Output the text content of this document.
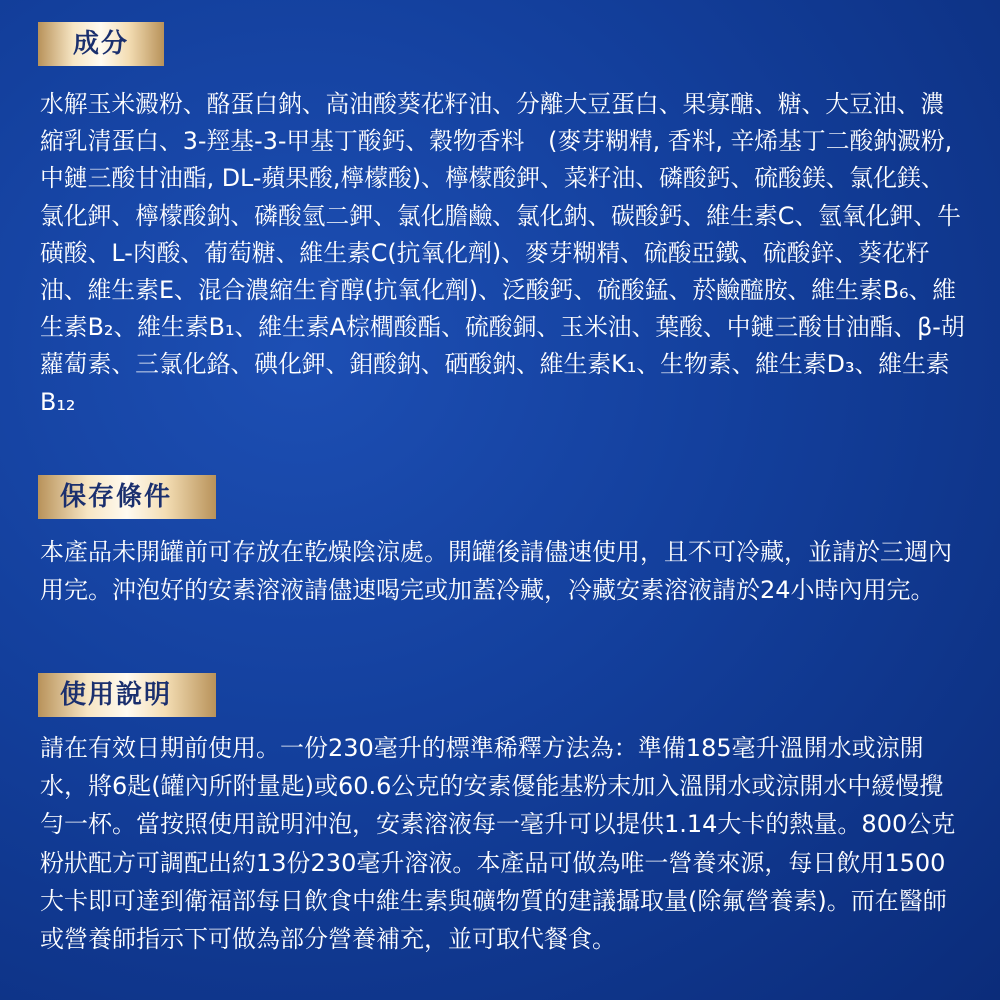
成分
水解玉米澱粉、酪蛋白鈉、高油酸葵花籽油、分離大豆蛋白、果寡醣、糖、大豆油、濃縮乳清蛋白、3-羥基-3-甲基丁酸鈣、穀物香料　(麥芽糊精, 香料, 辛烯基丁二酸鈉澱粉,中鏈三酸甘油酯, DL-蘋果酸,檸檬酸)、檸檬酸鉀、菜籽油、磷酸鈣、硫酸鎂、氯化鎂、氯化鉀、檸檬酸鈉、磷酸氫二鉀、氯化膽鹼、氯化鈉、碳酸鈣、維生素C、氫氧化鉀、牛磺酸、L-肉酸、葡萄糖、維生素C(抗氧化劑)、麥芽糊精、硫酸亞鐵、硫酸鋅、葵花籽油、維生素E、混合濃縮生育醇(抗氧化劑)、泛酸鈣、硫酸錳、菸鹼醯胺、維生素B₆、維生素B₂、維生素B₁、維生素A棕櫚酸酯、硫酸銅、玉米油、葉酸、中鏈三酸甘油酯、β-胡蘿蔔素、三氯化鉻、碘化鉀、鉬酸鈉、硒酸鈉、維生素K₁、生物素、維生素D₃、維生素B₁₂
保存條件
本產品未開罐前可存放在乾燥陰涼處。開罐後請儘速使用，且不可冷藏，並請於三週內用完。沖泡好的安素溶液請儘速喝完或加蓋冷藏，冷藏安素溶液請於24小時內用完。
使用說明
請在有效日期前使用。一份230毫升的標準稀釋方法為：準備185毫升溫開水或涼開水，將6匙(罐內所附量匙)或60.6公克的安素優能基粉末加入溫開水或涼開水中緩慢攪勻一杯。當按照使用說明沖泡，安素溶液每一毫升可以提供1.14大卡的熱量。800公克粉狀配方可調配出約13份230毫升溶液。本產品可做為唯一營養來源，每日飲用1500大卡即可達到衛福部每日飲食中維生素與礦物質的建議攝取量(除氟營養素)。而在醫師或營養師指示下可做為部分營養補充，並可取代餐食。
